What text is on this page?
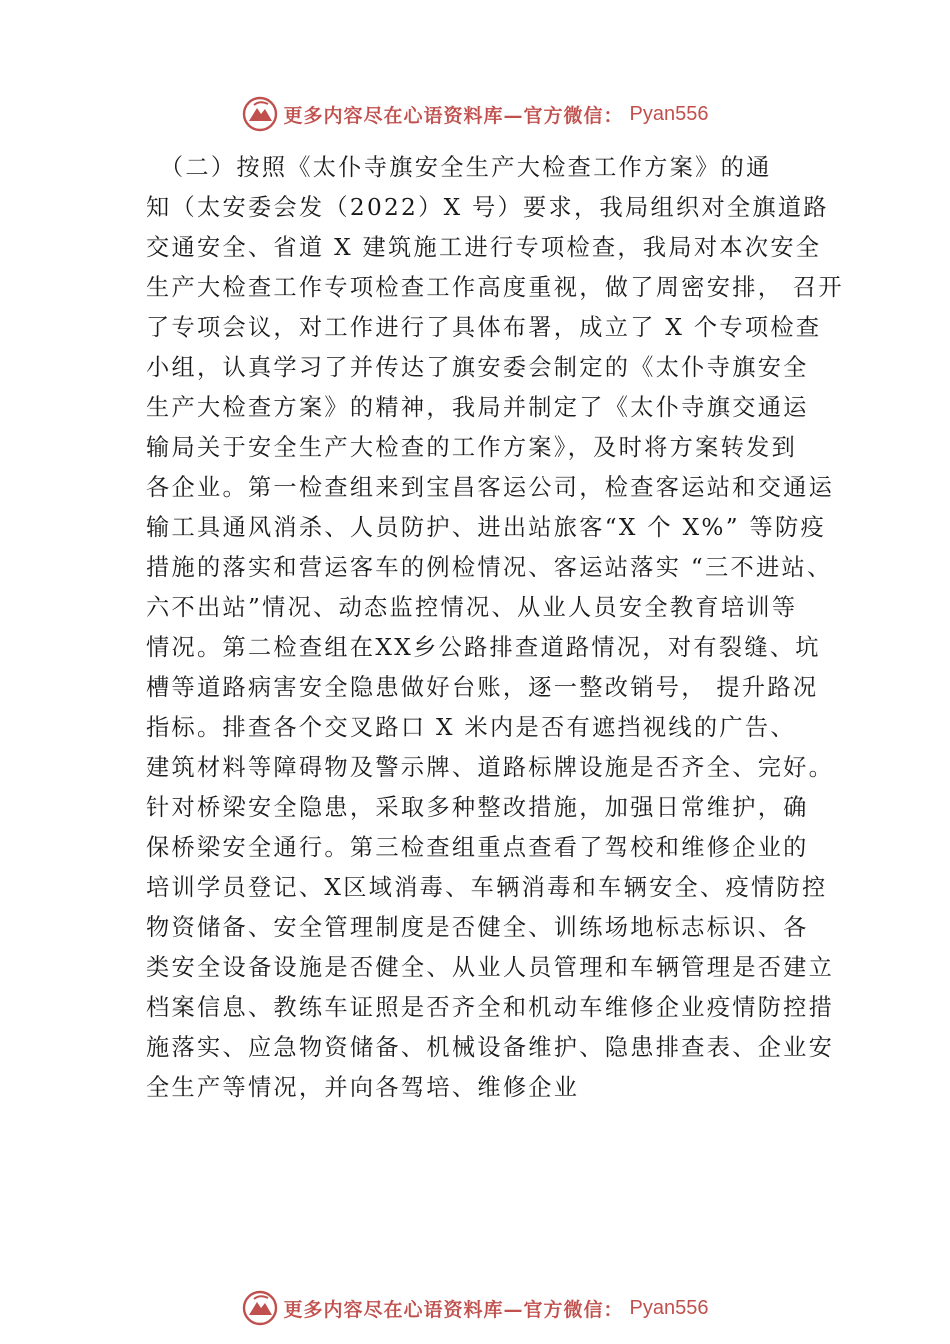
更多内容尽在心语资料库—官方微信： Pyan556
　（二）按照《太仆寺旗安全生产大检查工作方案》的通
知（太安委会发（2022）X 号）要求，我局组织对全旗道路
交通安全、省道 X 建筑施工进行专项检查，我局对本次安全
生产大检查工作专项检查工作高度重视，做了周密安排， 召开
了专项会议，对工作进行了具体布署，成立了 X 个专项检查
小组，认真学习了并传达了旗安委会制定的《太仆寺旗安全
生产大检查方案》的精神，我局并制定了《太仆寺旗交通运
输局关于安全生产大检查的工作方案》，及时将方案转发到
各企业。第一检查组来到宝昌客运公司，检查客运站和交通运
输工具通风消杀、人员防护、进出站旅客“X 个 X%” 等防疫
措施的落实和营运客车的例检情况、客运站落实 “三不进站、
六不出站”情况、动态监控情况、从业人员安全教育培训等
情况。第二检查组在XX乡公路排查道路情况，对有裂缝、坑
槽等道路病害安全隐患做好台账，逐一整改销号， 提升路况
指标。排查各个交叉路口 X 米内是否有遮挡视线的广告、
建筑材料等障碍物及警示牌、道路标牌设施是否齐全、完好。
针对桥梁安全隐患，采取多种整改措施，加强日常维护，确
保桥梁安全通行。第三检查组重点查看了驾校和维修企业的
培训学员登记、X区域消毒、车辆消毒和车辆安全、疫情防控
物资储备、安全管理制度是否健全、训练场地标志标识、各
类安全设备设施是否健全、从业人员管理和车辆管理是否建立
档案信息、教练车证照是否齐全和机动车维修企业疫情防控措
施落实、应急物资储备、机械设备维护、隐患排查表、企业安
全生产等情况，并向各驾培、维修企业
更多内容尽在心语资料库—官方微信： Pyan556
